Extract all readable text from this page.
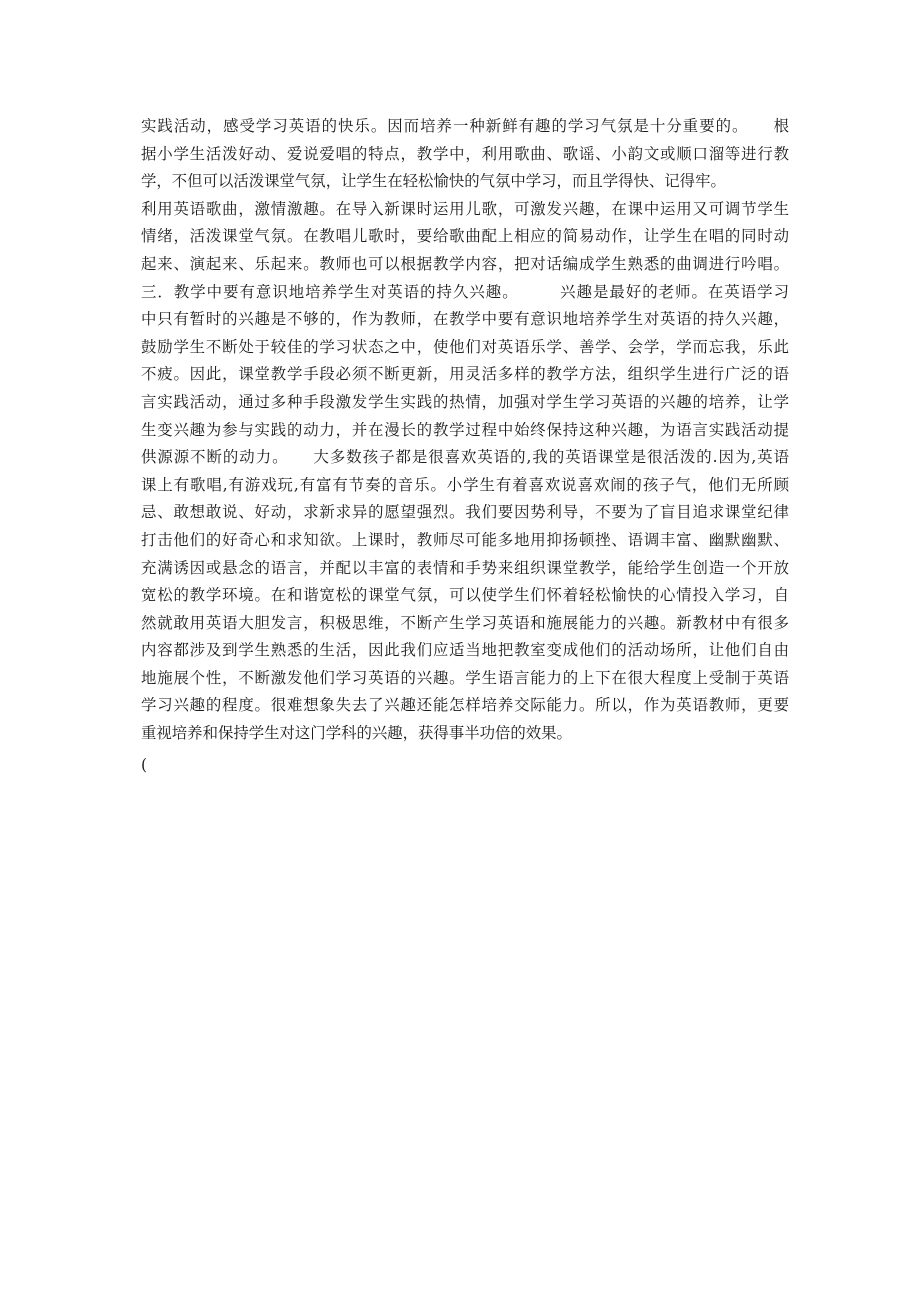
实践活动，感受学习英语的快乐。因而培养一种新鲜有趣的学习气氛是十分重要的。　　根
据小学生活泼好动、爱说爱唱的特点，教学中，利用歌曲、歌谣、小韵文或顺口溜等进行教
学，不但可以活泼课堂气氛，让学生在轻松愉快的气氛中学习，而且学得快、记得牢。
利用英语歌曲，激情激趣。在导入新课时运用儿歌，可激发兴趣，在课中运用又可调节学生
情绪，活泼课堂气氛。在教唱儿歌时，要给歌曲配上相应的简易动作，让学生在唱的同时动
起来、演起来、乐起来。教师也可以根据教学内容，把对话编成学生熟悉的曲调进行吟唱。
三．教学中要有意识地培养学生对英语的持久兴趣。　　　兴趣是最好的老师。在英语学习
中只有暂时的兴趣是不够的，作为教师，在教学中要有意识地培养学生对英语的持久兴趣，
鼓励学生不断处于较佳的学习状态之中，使他们对英语乐学、善学、会学，学而忘我，乐此
不疲。因此，课堂教学手段必须不断更新，用灵活多样的教学方法，组织学生进行广泛的语
言实践活动，通过多种手段激发学生实践的热情，加强对学生学习英语的兴趣的培养，让学
生变兴趣为参与实践的动力，并在漫长的教学过程中始终保持这种兴趣，为语言实践活动提
供源源不断的动力。　　大多数孩子都是很喜欢英语的,我的英语课堂是很活泼的.因为,英语
课上有歌唱,有游戏玩,有富有节奏的音乐。小学生有着喜欢说喜欢闹的孩子气，他们无所顾
忌、敢想敢说、好动，求新求异的愿望强烈。我们要因势利导，不要为了盲目追求课堂纪律
打击他们的好奇心和求知欲。上课时，教师尽可能多地用抑扬顿挫、语调丰富、幽默幽默、
充满诱因或悬念的语言，并配以丰富的表情和手势来组织课堂教学，能给学生创造一个开放
宽松的教学环境。在和谐宽松的课堂气氛，可以使学生们怀着轻松愉快的心情投入学习，自
然就敢用英语大胆发言，积极思维，不断产生学习英语和施展能力的兴趣。新教材中有很多
内容都涉及到学生熟悉的生活，因此我们应适当地把教室变成他们的活动场所，让他们自由
地施展个性，不断激发他们学习英语的兴趣。学生语言能力的上下在很大程度上受制于英语
学习兴趣的程度。很难想象失去了兴趣还能怎样培养交际能力。所以，作为英语教师，更要
重视培养和保持学生对这门学科的兴趣，获得事半功倍的效果。
(
